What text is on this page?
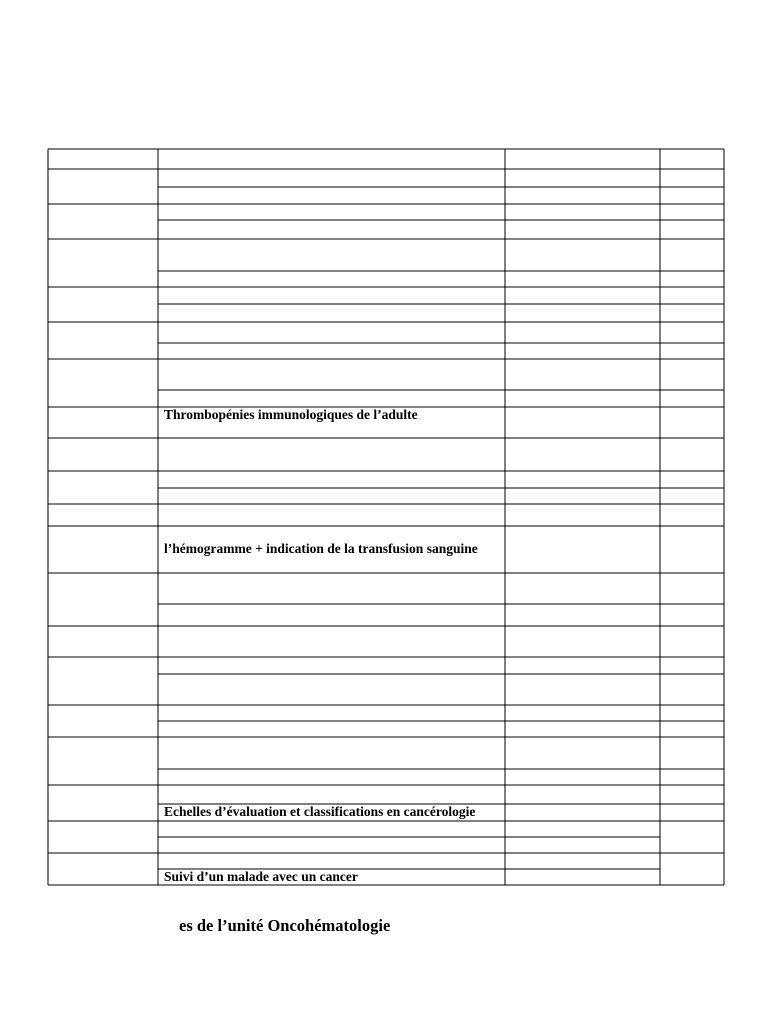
Thrombopénies immunologiques de l’adulte
l’hémogramme + indication de la transfusion sanguine
Echelles d’évaluation et classifications en cancérologie
Suivi d’un malade avec un cancer
es de l’unité Oncohématologie
